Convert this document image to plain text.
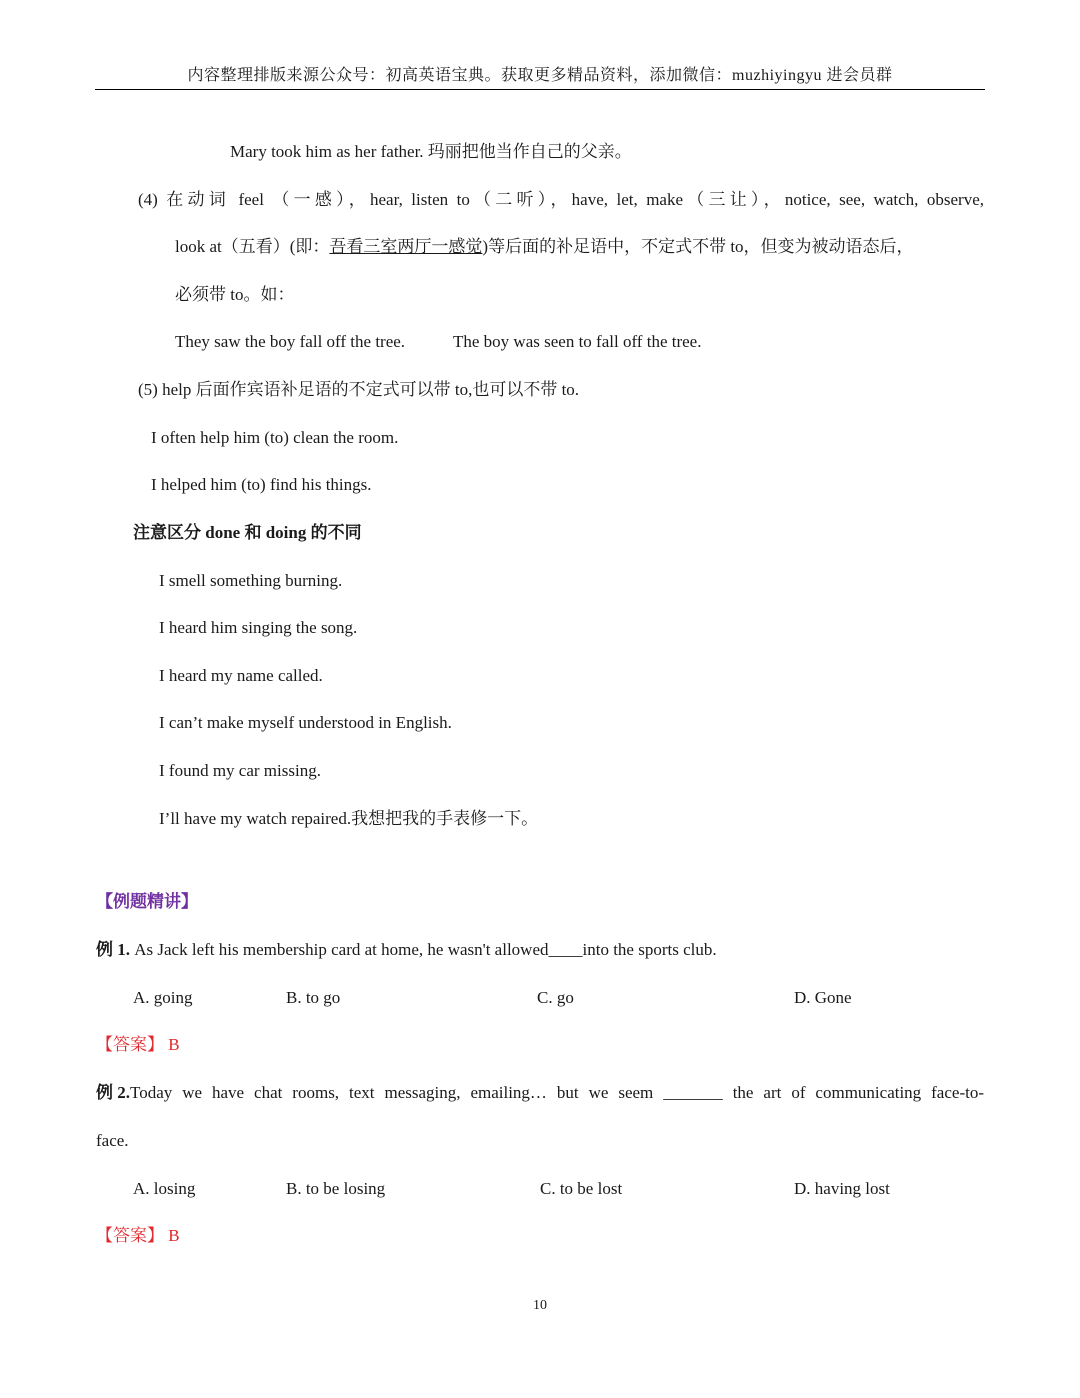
内容整理排版来源公众号：初高英语宝典。获取更多精品资料，添加微信：muzhiyingyu 进会员群
Mary took him as her father. 玛丽把他当作自己的父亲。
(4) 在动词 feel （一感），hear, listen to（二听），have, let, make（三让），notice, see, watch, observe,
look at（五看）(即：吾看三室两厅一感觉)等后面的补足语中，不定式不带 to，但变为被动语态后，
必须带 to。如：
They saw the boy fall off the tree.	The boy was seen to fall off the tree.
(5) help 后面作宾语补足语的不定式可以带 to,也可以不带 to.
I often help him (to) clean the room.
I helped him (to) find his things.
注意区分 done 和 doing 的不同
I smell something burning.
I heard him singing the song.
I heard my name called.
I can’t make myself understood in English.
I found my car missing.
I’ll have my watch repaired.我想把我的手表修一下。
【例题精讲】
例 1. As Jack left his membership card at home, he wasn't allowed____into the sports club.
A. going	B. to go	C. go	D. Gone
【答案】 B
例 2. Today we have chat rooms, text messaging, emailing… but we seem _______ the art of communicating face-to-
face.
A. losing	B. to be losing	C. to be lost	D. having lost
【答案】 B
10
